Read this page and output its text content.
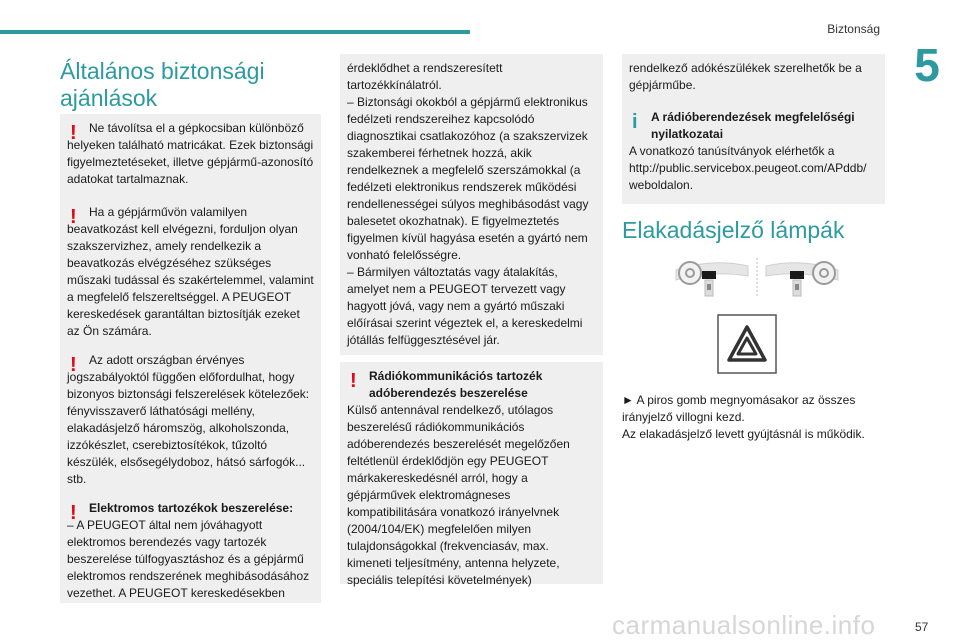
Biztonság
5
Általános biztonsági ajánlások
!	Ne távolítsa el a gépkocsiban különböző helyeken található matricákat. Ezek biztonsági figyelmeztetéseket, illetve gépjármű-azonosító adatokat tartalmaznak.

!	Ha a gépjárművön valamilyen beavatkozást kell elvégezni, forduljon olyan szakszervizhez, amely rendelkezik a beavatkozás elvégzéséhez szükséges műszaki tudással és szakértelemmel, valamint a megfelelő felszereltséggel. A PEUGEOT kereskedések garantáltan biztosítják ezeket az Ön számára.

!	Az adott országban érvényes jogszabályoktól függően előfordulhat, hogy bizonyos biztonsági felszerelések kötelezőek: fényvisszaverő láthatósági mellény, elakadásjelző háromszög, alkoholszonda, izzókészlet, cserebiztosítékok, tűzoltó készülék, elsősegélydoboz, hátsó sárfogók... stb.

!	Elektromos tartozékok beszerelése:

– A PEUGEOT által nem jóváhagyott elektromos berendezés vagy tartozék beszerelése túlfogyasztáshoz és a gépjármű elektromos rendszerének meghibásodásához vezethet. A PEUGEOT kereskedésekben

érdeklődhet a rendszeresített tartozékkínálatról.

– Biztonsági okokból a gépjármű elektronikus fedélzeti rendszereihez kapcsolódó diagnosztikai csatlakozóhoz (a szakszervizek szakemberei férhetnek hozzá, akik rendelkeznek a megfelelő szerszámokkal (a fedélzeti elektronikus rendszerek működési rendellenességei súlyos meghibásodást vagy balesetet okozhatnak). E figyelmeztetés figyelmen kívül hagyása esetén a gyártó nem vonható felelősségre.

– Bármilyen változtatás vagy átalakítás, amelyet nem a PEUGEOT tervezett vagy hagyott jóvá, vagy nem a gyártó műszaki előírásai szerint végeztek el, a kereskedelmi jótállás felfüggesztésével jár.

!	Rádiókommunikációs tartozék adóberendezés beszerelése

Külső antennával rendelkező, utólagos beszerelésű rádiókommunikációs adóberendezés beszerelését megelőzően feltétlenül érdeklődjön egy PEUGEOT márkakereskedésnél arról, hogy a gépjárművek elektromágneses kompatibilitására vonatkozó irányelvnek (2004/104/EK) megfelelően milyen tulajdonságokkal (frekvenciasáv, max. kimeneti teljesítmény, antenna helyzete, speciális telepítési követelmények)

rendelkező adókészülékek szerelhetők be a gépjárműbe.

i	A rádióberendezések megfelelőségi nyilatkozatai

A vonatkozó tanúsítványok elérhetők a http://public.servicebox.peugeot.com/APddb/ weboldalon.

Elakadásjelző lámpák

► A piros gomb megnyomásakor az összes irányjelző villogni kezd.

Az elakadásjelző levett gyújtásnál is működik.

carmanualsonline.info	57
